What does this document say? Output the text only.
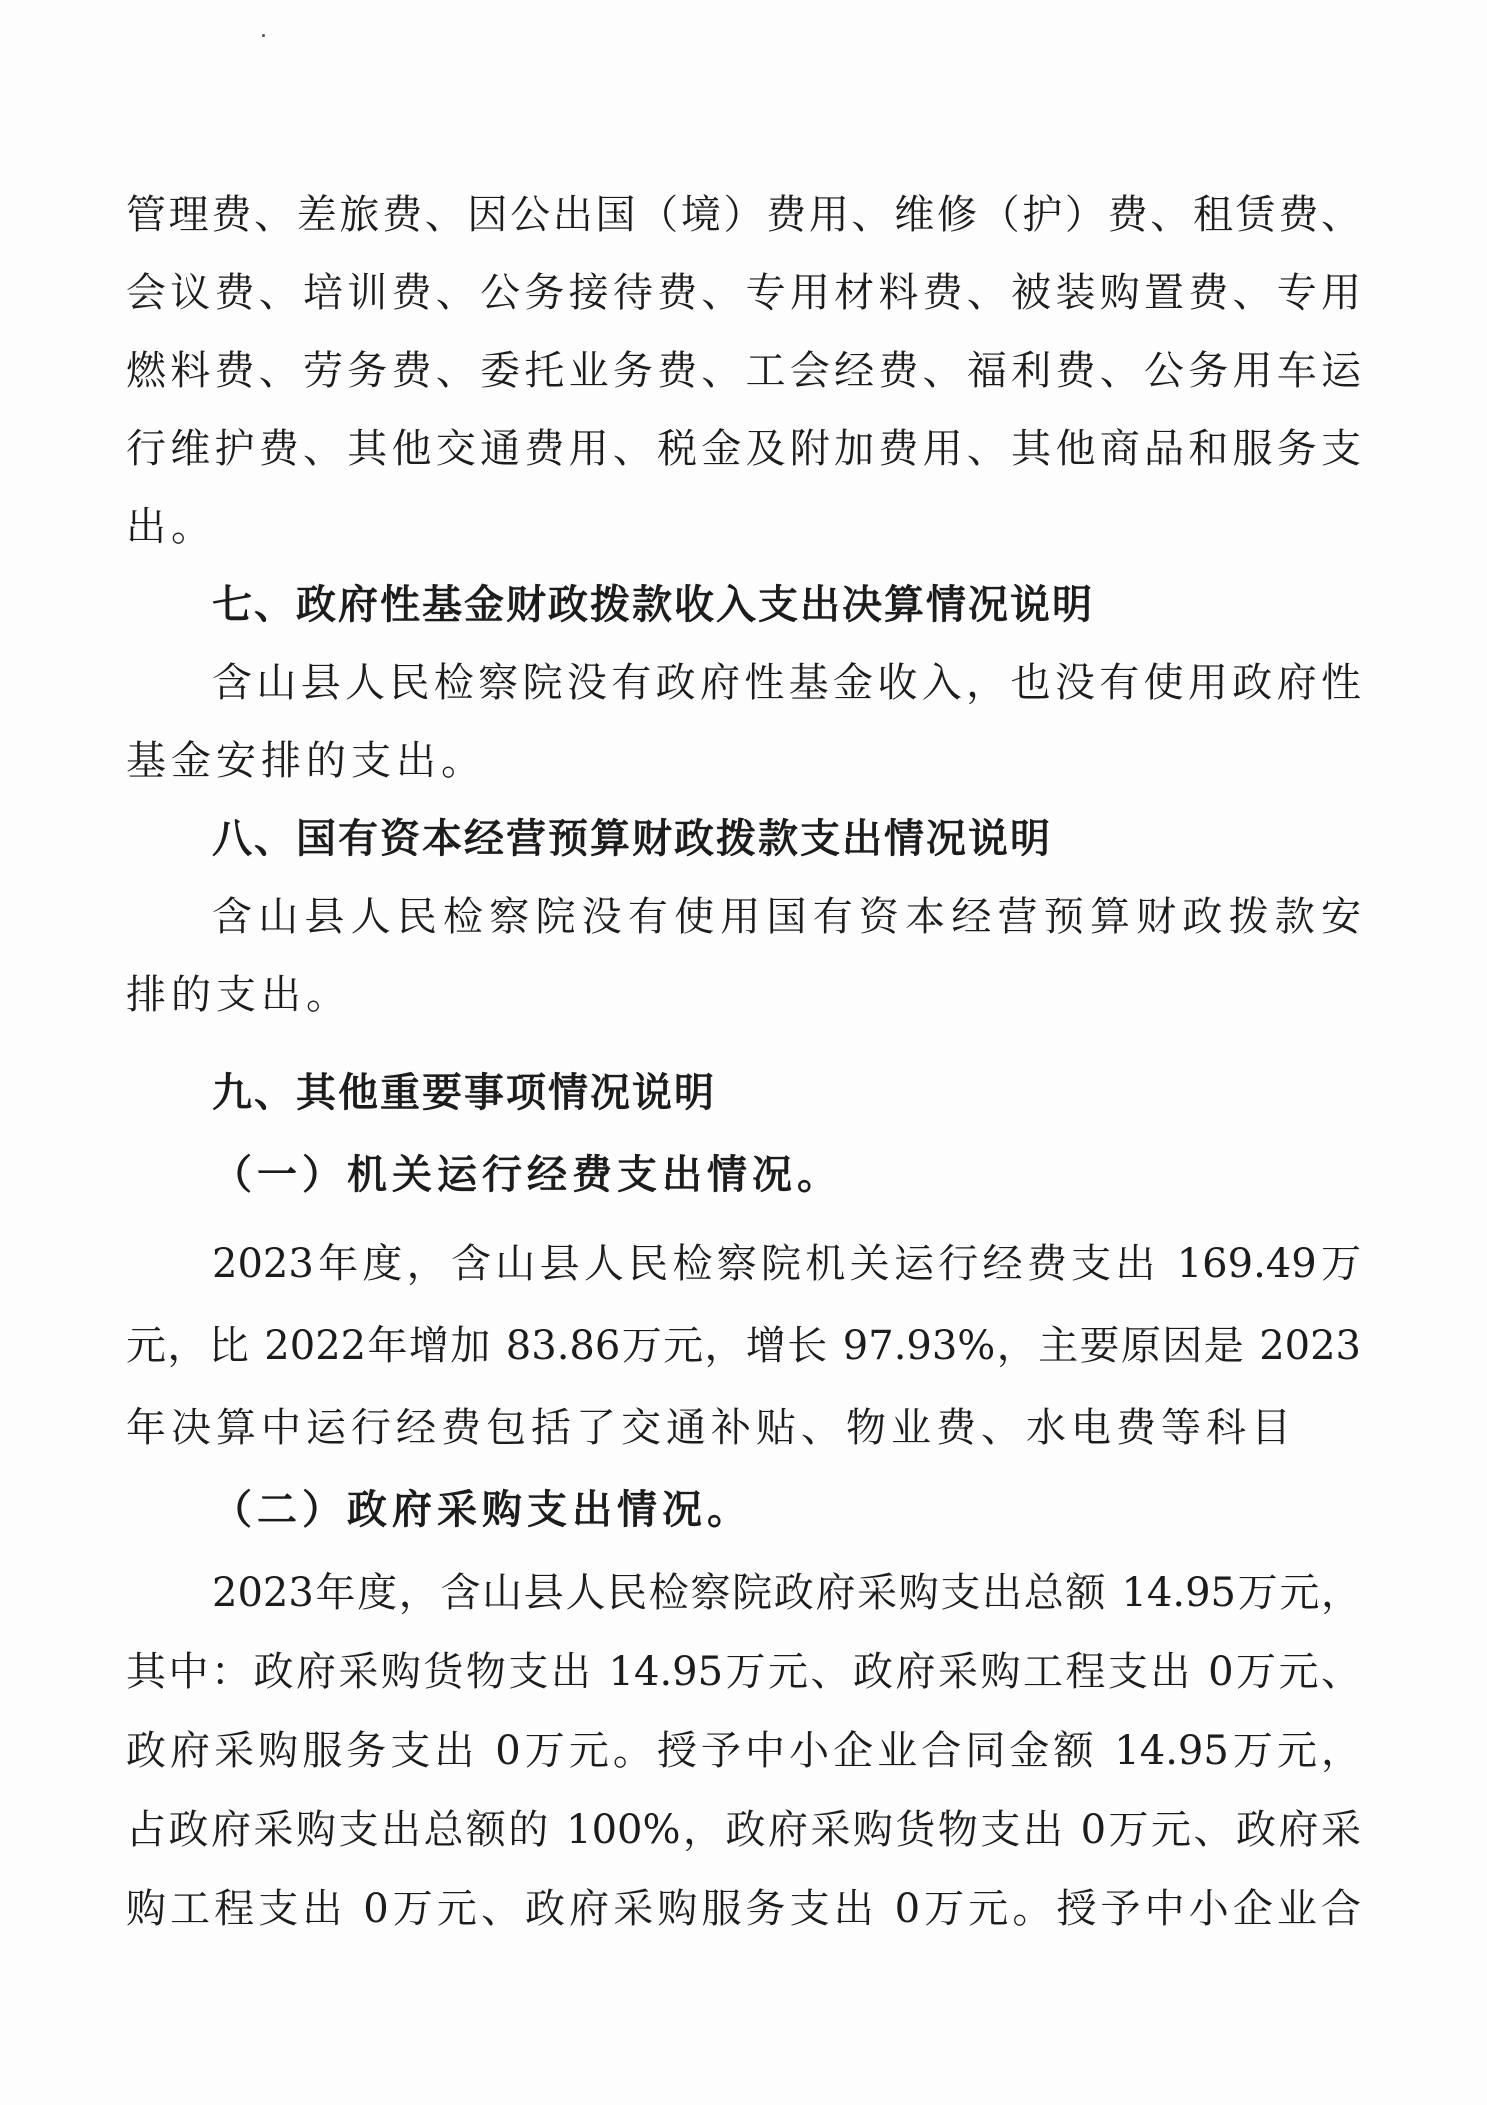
管理费、差旅费、因公出国（境）费用、维修（护）费、租赁费、
会议费、培训费、公务接待费、专用材料费、被装购置费、专用
燃料费、劳务费、委托业务费、工会经费、福利费、公务用车运
行维护费、其他交通费用、税金及附加费用、其他商品和服务支
出。
七、政府性基金财政拨款收入支出决算情况说明
含山县人民检察院没有政府性基金收入，也没有使用政府性
基金安排的支出。
八、国有资本经营预算财政拨款支出情况说明
含山县人民检察院没有使用国有资本经营预算财政拨款安
排的支出。
九、其他重要事项情况说明
（一）机关运行经费支出情况。
2023年度，含山县人民检察院机关运行经费支出 169.49万
元，比 2022年增加 83.86万元，增长 97.93%，主要原因是 2023
年决算中运行经费包括了交通补贴、物业费、水电费等科目
（二）政府采购支出情况。
2023年度，含山县人民检察院政府采购支出总额 14.95万元，
其中：政府采购货物支出 14.95万元、政府采购工程支出 0万元、
政府采购服务支出 0万元。授予中小企业合同金额 14.95万元，
占政府采购支出总额的 100%，政府采购货物支出 0万元、政府采
购工程支出 0万元、政府采购服务支出 0万元。授予中小企业合
